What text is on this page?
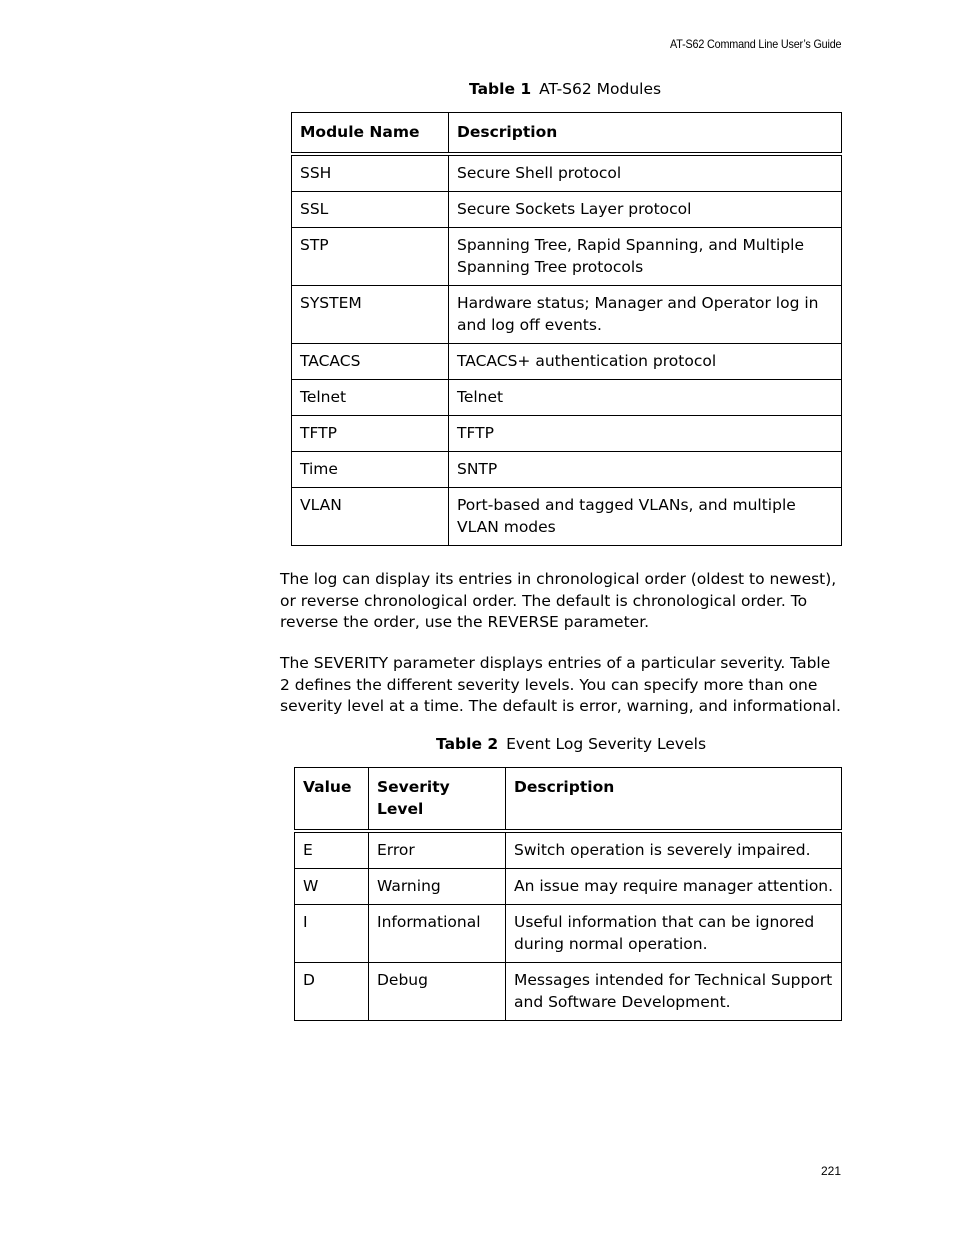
AT-S62 Command Line User’s Guide
Table 1 AT-S62 Modules
Module Name	Description
SSH	Secure Shell protocol
SSL	Secure Sockets Layer protocol
STP	Spanning Tree, Rapid Spanning, and Multiple Spanning Tree protocols
SYSTEM	Hardware status; Manager and Operator log in and log off events.
TACACS	TACACS+ authentication protocol
Telnet	Telnet
TFTP	TFTP
Time	SNTP
VLAN	Port-based and tagged VLANs, and multiple VLAN modes

The log can display its entries in chronological order (oldest to newest), or reverse chronological order. The default is chronological order. To reverse the order, use the REVERSE parameter.

The SEVERITY parameter displays entries of a particular severity. Table 2 defines the different severity levels. You can specify more than one severity level at a time. The default is error, warning, and informational.

Table 2 Event Log Severity Levels
Value	Severity Level	Description
E	Error	Switch operation is severely impaired.
W	Warning	An issue may require manager attention.
I	Informational	Useful information that can be ignored during normal operation.
D	Debug	Messages intended for Technical Support and Software Development.
221
